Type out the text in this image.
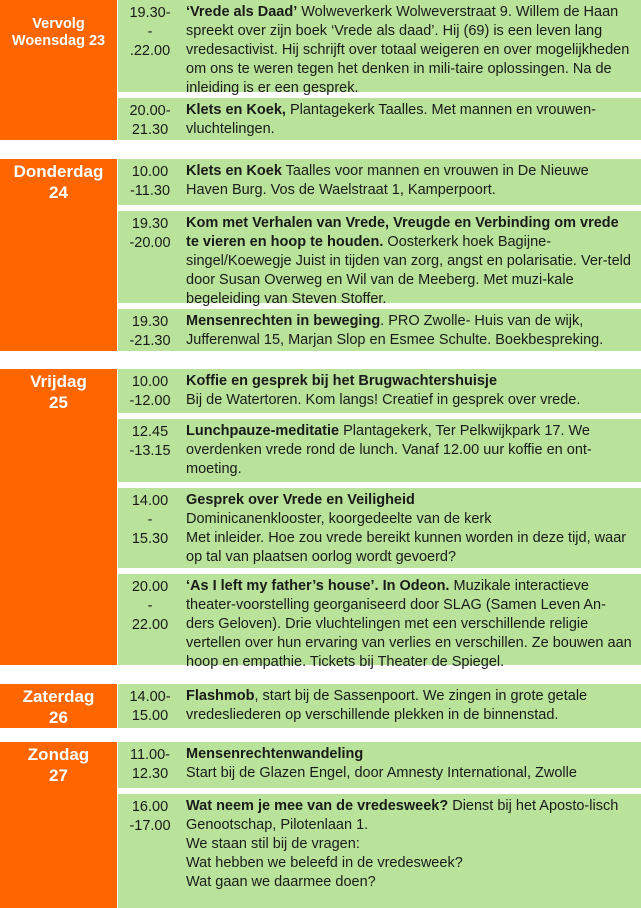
Vervolg
Woensdag 23
19.30-
-
.22.00
‘Vrede als Daad’ Wolweverkerk Wolweverstraat 9. Willem de Haan spreekt over zijn boek ‘Vrede als daad’. Hij (69) is een leven lang vredesactivist. Hij schrijft over totaal weigeren en over mogelijkheden om ons te weren tegen het denken in mili-taire oplossingen. Na de inleiding is er een gesprek.
20.00-
21.30
Klets en Koek, Plantagekerk Taalles. Met mannen en vrouwen-vluchtelingen.
Donderdag
24
10.00
-11.30
Klets en Koek Taalles voor mannen en vrouwen in De Nieuwe Haven Burg. Vos de Waelstraat 1, Kamperpoort.
19.30
-20.00
Kom met Verhalen van Vrede, Vreugde en Verbinding om vrede te vieren en hoop te houden. Oosterkerk hoek Bagijne-singel/Koewegje Juist in tijden van zorg, angst en polarisatie. Ver-teld door Susan Overweg en Wil van de Meeberg. Met muzi-kale begeleiding van Steven Stoffer.
19.30
-21.30
Mensenrechten in beweging. PRO Zwolle- Huis van de wijk, Jufferenwal 15, Marjan Slop en Esmee Schulte. Boekbespreking.
Vrijdag
25
10.00
-12.00
Koffie en gesprek bij het Brugwachtershuisje
Bij de Watertoren. Kom langs! Creatief in gesprek over vrede.
12.45
-13.15
Lunchpauze-meditatie Plantagekerk, Ter Pelkwijkpark 17. We overdenken vrede rond de lunch. Vanaf 12.00 uur koffie en ont-moeting.
14.00
-
15.30
Gesprek over Vrede en Veiligheid
Dominicanenklooster, koorgedeelte van de kerk
Met inleider. Hoe zou vrede bereikt kunnen worden in deze tijd, waar op tal van plaatsen oorlog wordt gevoerd?
20.00
-
22.00
‘As I left my father’s house’. In Odeon. Muzikale interactieve theater-voorstelling georganiseerd door SLAG (Samen Leven An-ders Geloven). Drie vluchtelingen met een verschillende religie vertellen over hun ervaring van verlies en verschillen. Ze bouwen aan hoop en empathie. Tickets bij Theater de Spiegel.
Zaterdag
26
14.00-
15.00
Flashmob, start bij de Sassenpoort. We zingen in grote getale vredesliederen op verschillende plekken in de binnenstad.
Zondag
27
11.00-
12.30
Mensenrechtenwandeling
Start bij de Glazen Engel, door Amnesty International, Zwolle
16.00
-17.00
Wat neem je mee van de vredesweek? Dienst bij het Aposto-lisch Genootschap, Pilotenlaan 1.
We staan stil bij de vragen:
Wat hebben we beleefd in de vredesweek?
Wat gaan we daarmee doen?
